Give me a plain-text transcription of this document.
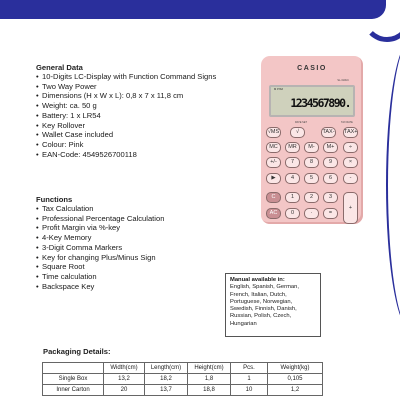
General Data
• 10-Digits LC-Display with Function Command Signs
• Two Way Power
• Dimensions (H x W x L): 0,8 x 7 x 11,8 cm
• Weight: ca. 50 g
• Battery: 1 x LR54
• Key Rollover
• Wallet Case included
• Colour: Pink
• EAN-Code: 4549526700118
Functions
• Tax Calculation
• Professional Percentage Calculation
• Profit Margin via %-key
• 4-Key Memory
• 3-Digit Comma Markers
• Key for changing Plus/Minus Sign
• Square Root
• Time calculation
• Backspace Key
Manual available in:
English, Spanish, German, French, Italian, Dutch, Portuguese, Norwegian, Swedish, Finnish, Danish, Russian, Polish, Czech, Hungarian
Packaging Details:
	Width(cm)	Length(cm)	Height(cm)	Pcs.	Weight(kg)
Single Box	13,2	18,2	1,8	1	0,105
Inner Carton	20	13,7	18,8	10	1,2
CASIO
SL-310UC
M ±TAX
1234567890.
RATE SET	TAX RATE
√MS	√	TAX- TAX+
MC	MR	M-	M+	÷
+/-	7	8	9	×
▶	4	5	6	-
C	1	2	3
+
AC	0	·	=
